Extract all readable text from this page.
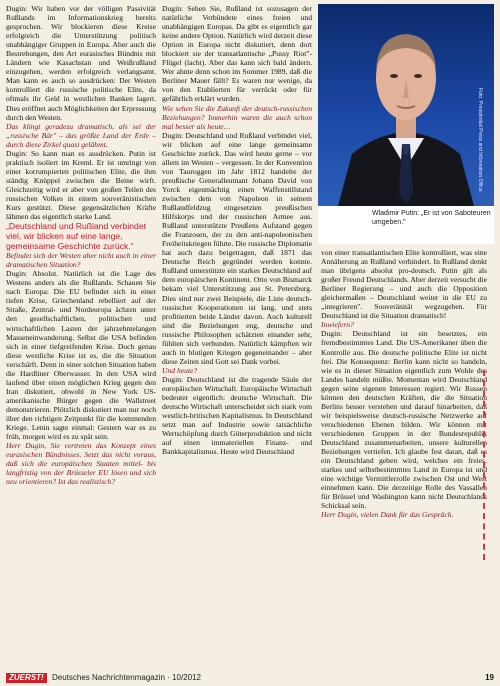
Dugin: Wir haben vor der völligen Passivität Rußlands im Informationskrieg bereits gesprochen. Wir blockieren diese Kreise erfolgreich die Unterstützung politisch unabhängiger Gruppen in Europa. Aber auch die Bestrebungen, den Art eurasisches Bündnis mit Ländern wie Kasachstan und Weißrußland einzugehen, werden erfolgreich verlangsamt. Man kann es auch so ausdrücken: Der Westen kontrolliert die russische politische Elite, da oftmals ihr Geld in westlichen Banken lagert. Dies eröffnet auch Möglichkeiten der Erpressung durch den Westen.

Das klingt geradezu dramatisch, als sei der „russische Bär" – das größte Land der Erde – durch diese Zirkel quasi gelähmt.

Dugin: So kann man es ausdrücken. Putin ist praktisch isoliert im Kreml. Er ist umringt von einer korrumpierten politischen Elite, die ihm ständig Knüppel zwischen die Beine wirft. Gleichzeitig wird er aber von großen Teilen des russischen Volkes in einem souveränistischen Kurs gestützt. Diese gegensätzlichen Kräfte lähmen das eigentlich starke Land.

„ Deutschland und Rußland verbindet viel, wir blicken auf eine lange, gemeinsame Geschichte zurück. “

Befindet sich der Westen aber nicht auch in einer dramatischen Situation?

Dugin: Absolut. Natürlich ist die Lage des Westens anders als die Rußlands. Schauen Sie nach Europa: Die EU befindet sich in einer tiefen Krise, Griechenland rebelliert auf der Straße, Zentral- und Nordeuropa ächzen unter den gesellschaftlichen, politischen und wirtschaftlichen Lasten der jahrzehntelangen Masseneinwanderung. Selbst die USA befinden sich in einer tiefgreifenden Krise. Doch genau diese westliche Krise ist es, die die Situation verschärft. Denn in einer solchen Situation haben die Hardliner Oberwasser. In den USA wird laufend über einen möglichen Krieg gegen den Iran diskutiert, obwohl in New York US-amerikanische Bürger gegen die Wallstreet demonstrieren. Plötzlich diskutiert man nur noch über den richtigen Zeitpunkt für die kommenden Kriege. Lenin sagte einmal: Gestern war es zu früh, morgen wird es zu spät sein.

Herr Dugin, Sie vertreten das Konzept eines eurasischen Bündnisses. Setzt das nicht voraus, daß sich die europäischen Staaten mittel- bis langfristig von der Brüsseler EU lösen und sich neu orientieren? Ist das realistisch?

Dugin: Sehen Sie, Rußland ist sozusagen der natürliche Verbündete eines freien und unabhängigen Europas. Da gibt es eigentlich gar keine andere Option. Natürlich wird derzeit diese Option in Europa nicht diskutiert, denn dort blockiert sie der transatlantische „Pussy Riot"-Flügel (lacht). Aber das kann sich bald ändern. Wer ahnte denn schon im Sommer 1989, daß die Berliner Mauer fällt? Es waren nur wenige, da von den Etablierten für verrückt oder für gefährlich erklärt wurden.

Wie sehen Sie die Zukunft der deutsch-russischen Beziehungen? Immerhin waren die auch schon mal besser als heute…

Dugin: Deutschland und Rußland verbindet viel, wir blicken auf eine lange gemeinsame Geschichte zurück. Das wird heute gerne – vor allem im Westen – vergessen. In der Konvention von Tauroggen im Jahr 1812 handelte der preußische Generalleutnant Johann David von Yorck eigenmächtig einen Waffenstillstand zwischen dem von Napoleon in seinem Rußlandfeldzug eingesetzten preußischen Hilfskorps und der russischen Armee aus. Rußland unterstützte Preußens Aufstand gegen die Franzosen, der zu den anti-napoleonischen Freiheitskriegen führte. Die russische Diplomatie hat auch dazu beigetragen, daß 1871 das Deutsche Reich gegründet werden konnte. Rußland unterstützte ein starkes Deutschland auf dem europäischen Kontinent. Otto von Bismarck bekam viel Unterstützung aus St. Petersburg. Dies sind nur zwei Beispiele, die Liste deutsch-russischer Kooperationen ist lang, und stets profitierten beide Länder davon. Auch kulturell sind die Beziehungen eng, deutsche und russische Philosophen schätzten einander sehr, fühlten sich verbunden. Natürlich kämpften wir auch in blutigen Kriegen gegeneinander – aber diese Zeiten sind Gott sei Dank vorbei.

Und heute?

Dugin: Deutschland ist die tragende Säule der europäischen Wirtschaft. Europäische Wirtschaft bedeutet eigentlich: deutsche Wirtschaft. Die deutsche Wirtschaft unterscheidet sich stark vom westlich-britischen Kapitalismus. In Deutschland setzt man auf Industrie sowie tatsächliche Wertschöpfung durch Güterproduktion und nicht auf einen immateriellen Finanz- und Bankkapitalismus. Heute wird Deutschland

Foto: Presidential Press and Information Office
Wladimir Putin: „Er ist von Saboteuren umgeben."

von einer transatlantischen Elite kontrolliert, was eine Annäherung an Rußland verhindert. In Rußland denkt man übrigens absolut pro-deutsch. Putin gilt als großer Freund Deutschlands. Aber derzeit versucht die Berliner Regierung – und auch die Opposition gleichermaßen – Deutschland weiter in die EU zu „integrieren". Souveränität wegzugeben. Für Deutschland ist die Situation dramatisch!

Inwiefern?

Dugin: Deutschland ist ein besetztes, ein fremdbestimmtes Land. Die US-Amerikaner üben die Kontrolle aus. Die deutsche politische Elite ist nicht frei. Die Konsequenz: Berlin kann nicht so handeln, wie es in dieser Situation eigentlich zum Wohle des Landes handeln müßte. Momentan wird Deutschland gegen seine eigenen Interessen regiert. Wir Russen können den deutschen Kräften, die die Situation Berlins besser verstehen und darauf hinarbeiten, daß wir beispielsweise deutsch-russische Netzwerke auf verschiedenen Ebenen bilden. Wir können mit verschiedenen Gruppen in der Bundesrepublik Deutschland zusammenarbeiten, unsere kulturellen Beziehungen vertiefen. Ich glaube fest daran, daß es ein Deutschland geben wird, welches ein freies, starkes und selbstbestimmtes Land in Europa ist und eine wichtige Vermittlerrolle zwischen Ost und West einnehmen kann. Die derzeitige Rolle des Vassallen für Brüssel und Washington kann nicht Deutschlands Schicksal sein.

Herr Dugin, vielen Dank für das Gespräch.

ZUERST!	Deutsches Nachrichtenmagazin · 10/2012	19
